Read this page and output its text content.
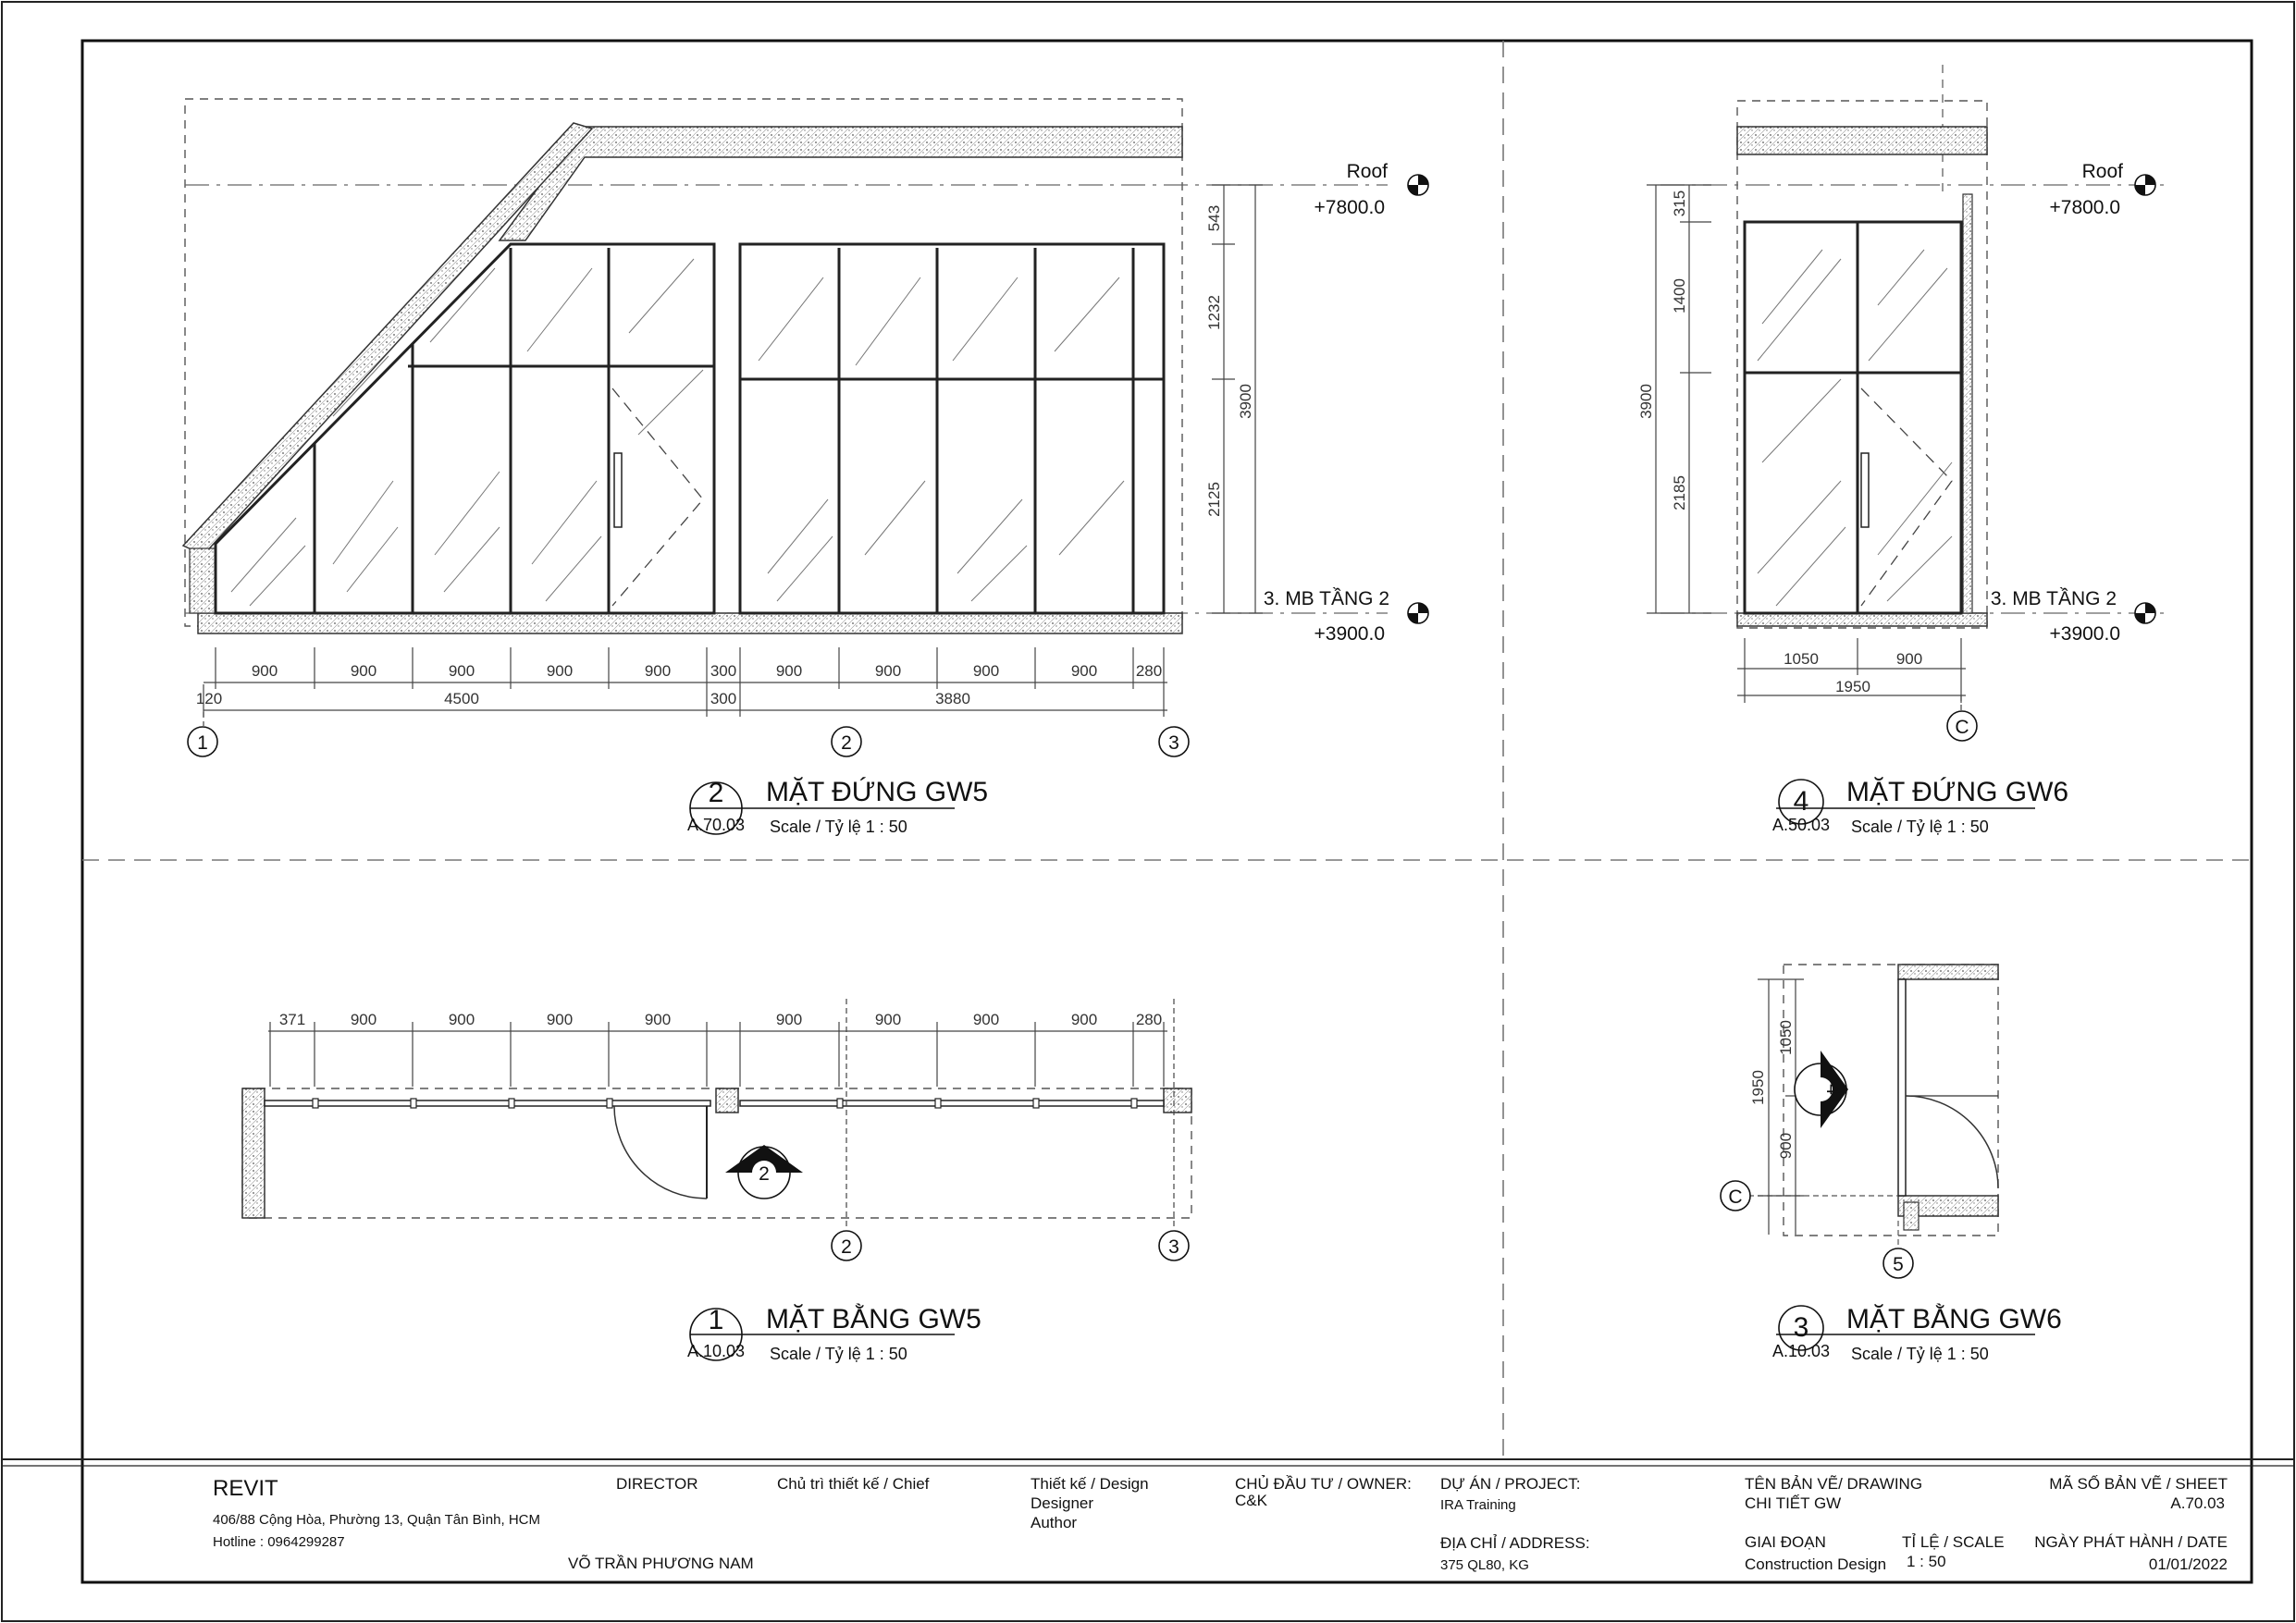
543
1232
2125
3900
Roof
+7800.0
3. MB TẦNG 2
+3900.0
900	900	900	900	900	300	900	900	900	900 280
120	4500	300	3880
1	2	3
2
A.70.03
MẶT ĐỨNG GW5
Scale / Tỷ lệ 1 : 50
315
1400
2185
3900
Roof
+7800.0
3. MB TẦNG 2
+3900.0
1050	900
1950
C
4
A.50.03
MẶT ĐỨNG GW6
Scale / Tỷ lệ 1 : 50
371	900	900	900	900	900	900	900	900 280
2
2	3
1
A.10.03
MẶT BẰNG GW5
Scale / Tỷ lệ 1 : 50
1050
900
1950	4
C
5
3
A.10.03
MẶT BẰNG GW6
Scale / Tỷ lệ 1 : 50
REVIT
406/88 Cộng Hòa, Phường 13, Quận Tân Bình, HCM
Hotline : 0964299287
DIRECTOR
VÕ TRẦN PHƯƠNG NAM
Chủ trì thiết kế / Chief	Thiết kế / Design
Designer
Author
CHỦ ĐẦU TƯ / OWNER:
C&K
DỰ ÁN / PROJECT:
IRA Training
ĐỊA CHỈ / ADDRESS:
375 QL80, KG
TÊN BẢN VẼ/ DRAWING
CHI TIẾT GW
GIAI ĐOẠN
Construction Design
TỈ LỆ / SCALE
1 : 50
MÃ SỐ BẢN VẼ / SHEET
A.70.03
NGÀY PHÁT HÀNH / DATE
01/01/2022
